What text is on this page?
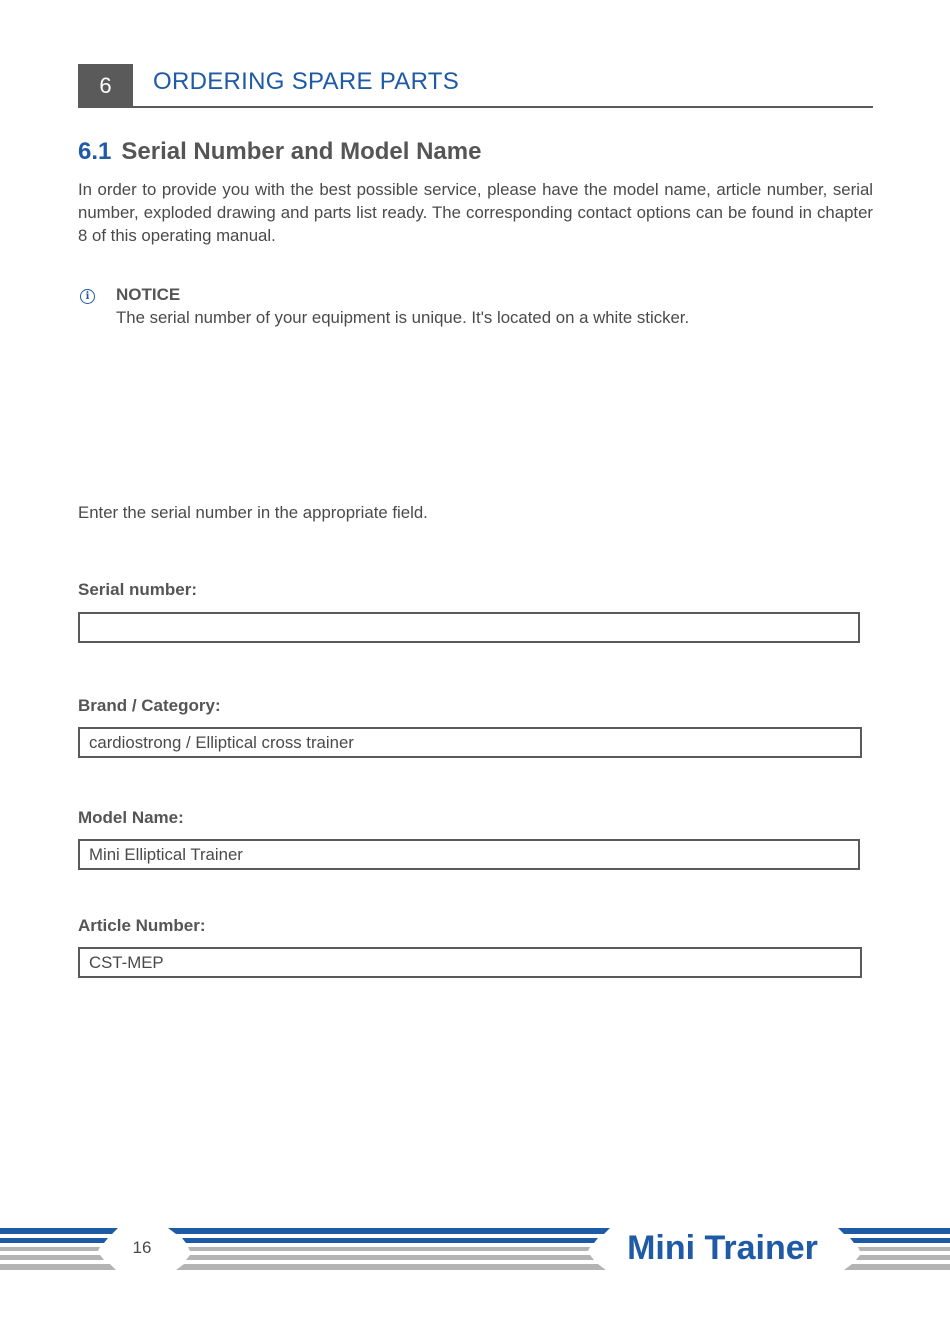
6	ORDERING SPARE PARTS
6.1 Serial Number and Model Name
In order to provide you with the best possible service, please have the model name, article number, serial number, exploded drawing and parts list ready. The corresponding contact options can be found in chapter 8 of this operating manual.
i	NOTICE
The serial number of your equipment is unique. It's located on a white sticker.
Enter the serial number in the appropriate field.
Serial number:
Brand / Category:
cardiostrong / Elliptical cross trainer
Model Name:
Mini Elliptical Trainer
Article Number:
CST-MEP
16	Mini Trainer
